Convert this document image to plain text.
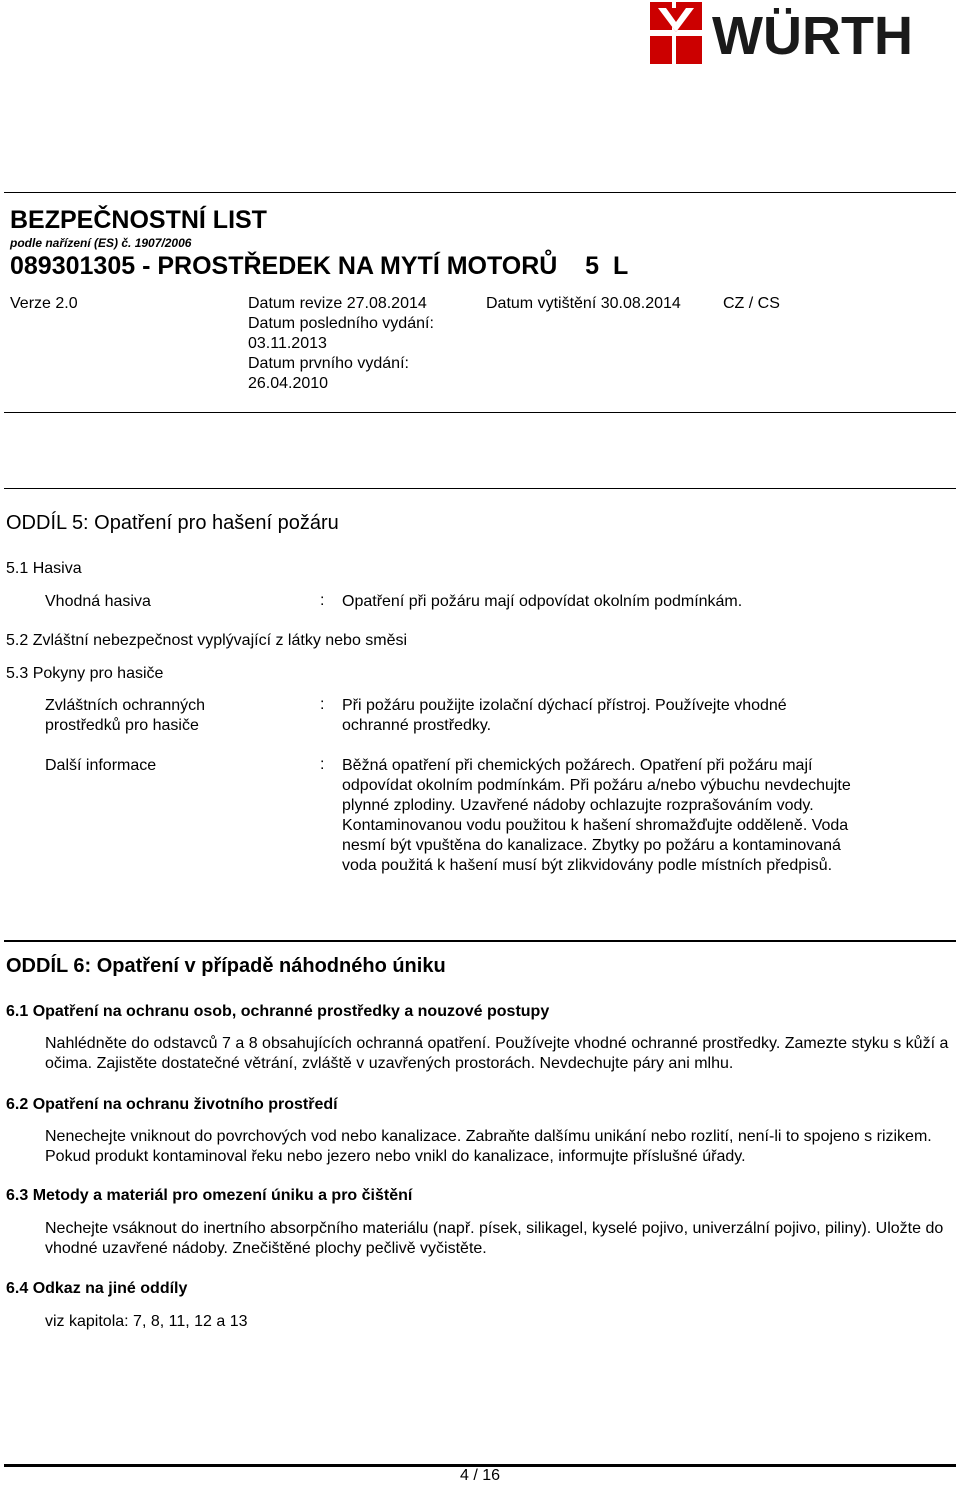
WÜRTH
BEZPEČNOSTNÍ LIST
podle nařízení (ES) č. 1907/2006
089301305 - PROSTŘEDEK NA MYTÍ MOTORŮ    5  L
Verze 2.0	Datum revize 27.08.2014
Datum posledního vydání:
03.11.2013
Datum prvního vydání:
26.04.2010
Datum vytištění 30.08.2014	CZ / CS
ODDÍL 5: Opatření pro hašení požáru
5.1 Hasiva
Vhodná hasiva	: Opatření při požáru mají odpovídat okolním podmínkám.
5.2 Zvláštní nebezpečnost vyplývající z látky nebo směsi
5.3 Pokyny pro hasiče
Zvláštních ochranných prostředků pro hasiče
: Při požáru použijte izolační dýchací přístroj. Používejte vhodné ochranné prostředky.
Další informace	: Běžná opatření při chemických požárech. Opatření při požáru mají odpovídat okolním podmínkám. Při požáru a/nebo výbuchu nevdechujte plynné zplodiny. Uzavřené nádoby ochlazujte rozprašováním vody. Kontaminovanou vodu použitou k hašení shromažďujte odděleně. Voda nesmí být vpuštěna do kanalizace. Zbytky po požáru a kontaminovaná voda použitá k hašení musí být zlikvidovány podle místních předpisů.
ODDÍL 6: Opatření v případě náhodného úniku
6.1 Opatření na ochranu osob, ochranné prostředky a nouzové postupy
Nahlédněte do odstavců 7 a 8 obsahujících ochranná opatření. Používejte vhodné ochranné prostředky. Zamezte styku s kůží a očima. Zajistěte dostatečné větrání, zvláště v uzavřených prostorách. Nevdechujte páry ani mlhu.
6.2 Opatření na ochranu životního prostředí
Nenechejte vniknout do povrchových vod nebo kanalizace. Zabraňte dalšímu unikání nebo rozlití, není-li to spojeno s rizikem. Pokud produkt kontaminoval řeku nebo jezero nebo vnikl do kanalizace, informujte příslušné úřady.
6.3 Metody a materiál pro omezení úniku a pro čištění
Nechejte vsáknout do inertního absorpčního materiálu (např. písek, silikagel, kyselé pojivo, univerzální pojivo, piliny). Uložte do vhodné uzavřené nádoby. Znečištěné plochy pečlivě vyčistěte.
6.4 Odkaz na jiné oddíly
viz kapitola: 7, 8, 11, 12 a 13
4 / 16
